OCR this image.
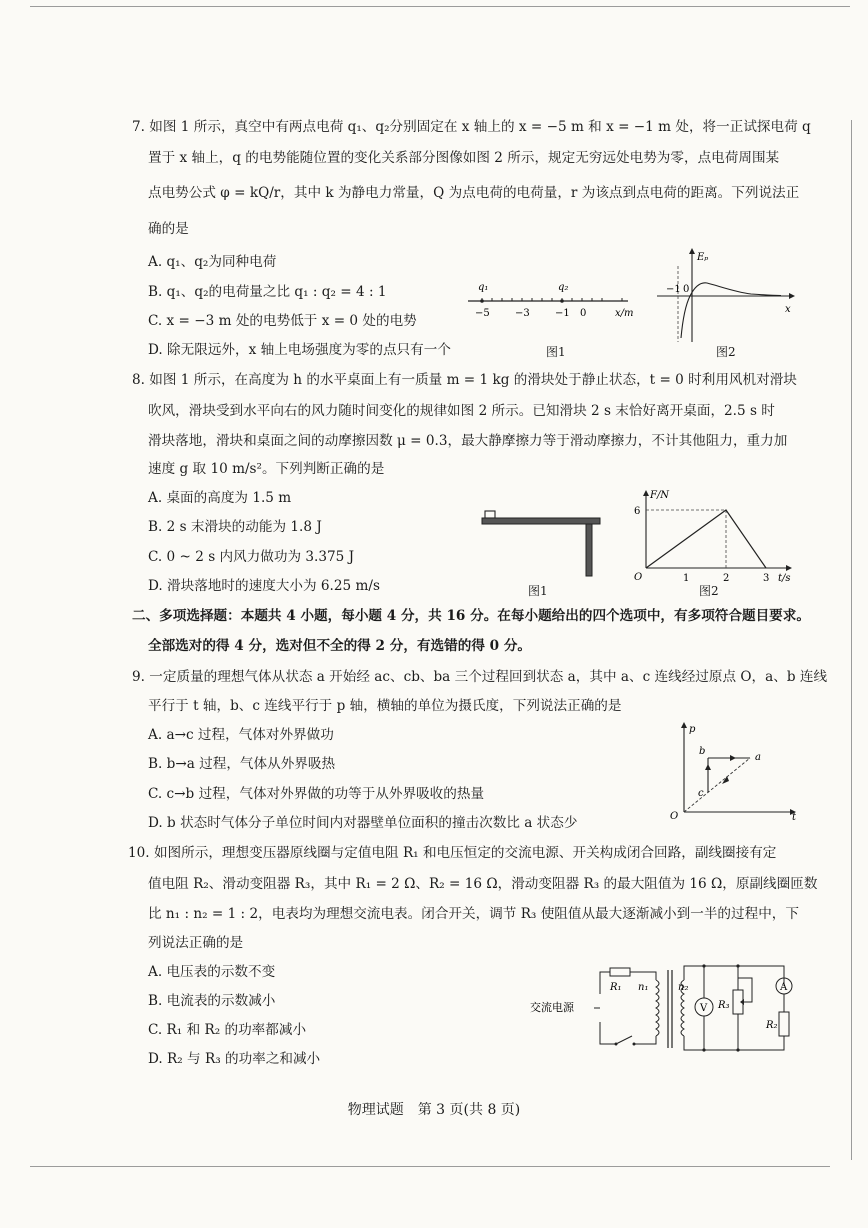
7. 如图 1 所示，真空中有两点电荷 q₁、q₂分别固定在 x 轴上的 x = −5 m 和 x = −1 m 处，将一正试探电荷 q
置于 x 轴上，q 的电势能随位置的变化关系部分图像如图 2 所示，规定无穷远处电势为零，点电荷周围某
点电势公式 φ = kQ/r，其中 k 为静电力常量，Q 为点电荷的电荷量，r 为该点到点电荷的距离。下列说法正
确的是
A. q₁、q₂为同种电荷
B. q₁、q₂的电荷量之比 q₁ : q₂ = 4 : 1
C. x = −3 m 处的电势低于 x = 0 处的电势
D. 除无限远外，x 轴上电场强度为零的点只有一个
q₁	q₂
−5	−3	−1 0	x/m
图1
Eₚ
x
−1 0
图2
8. 如图 1 所示，在高度为 h 的水平桌面上有一质量 m = 1 kg 的滑块处于静止状态，t = 0 时利用风机对滑块
吹风，滑块受到水平向右的风力随时间变化的规律如图 2 所示。已知滑块 2 s 末恰好离开桌面，2.5 s 时
滑块落地，滑块和桌面之间的动摩擦因数 μ = 0.3，最大静摩擦力等于滑动摩擦力，不计其他阻力，重力加
速度 g 取 10 m/s²。下列判断正确的是
A. 桌面的高度为 1.5 m
B. 2 s 末滑块的动能为 1.8 J
C. 0 ~ 2 s 内风力做功为 3.375 J
D. 滑块落地时的速度大小为 6.25 m/s	图1
F/N
t/s
6
1	2	3
O
图2
二、多项选择题：本题共 4 小题，每小题 4 分，共 16 分。在每小题给出的四个选项中，有多项符合题目要求。
全部选对的得 4 分，选对但不全的得 2 分，有选错的得 0 分。
9. 一定质量的理想气体从状态 a 开始经 ac、cb、ba 三个过程回到状态 a，其中 a、c 连线经过原点 O，a、b 连线
平行于 t 轴，b、c 连线平行于 p 轴，横轴的单位为摄氏度，下列说法正确的是
A. a→c 过程，气体对外界做功
B. b→a 过程，气体从外界吸热
C. c→b 过程，气体对外界做的功等于从外界吸收的热量
D. b 状态时气体分子单位时间内对器壁单位面积的撞击次数比 a 状态少
p
t
a
b
c
O
10. 如图所示，理想变压器原线圈与定值电阻 R₁ 和电压恒定的交流电源、开关构成闭合回路，副线圈接有定
值电阻 R₂、滑动变阻器 R₃，其中 R₁ = 2 Ω、R₂ = 16 Ω，滑动变阻器 R₃ 的最大阻值为 16 Ω，原副线圈匝数
比 n₁ : n₂ = 1 : 2，电表均为理想交流电表。闭合开关，调节 R₃ 使阻值从最大逐渐减小到一半的过程中，下
列说法正确的是
A. 电压表的示数不变
B. 电流表的示数减小
C. R₁ 和 R₂ 的功率都减小
D. R₂ 与 R₃ 的功率之和减小
交流电源
R₁ n₁	n₂
V R₃
A
R₂
物理试题　第 3 页(共 8 页)
